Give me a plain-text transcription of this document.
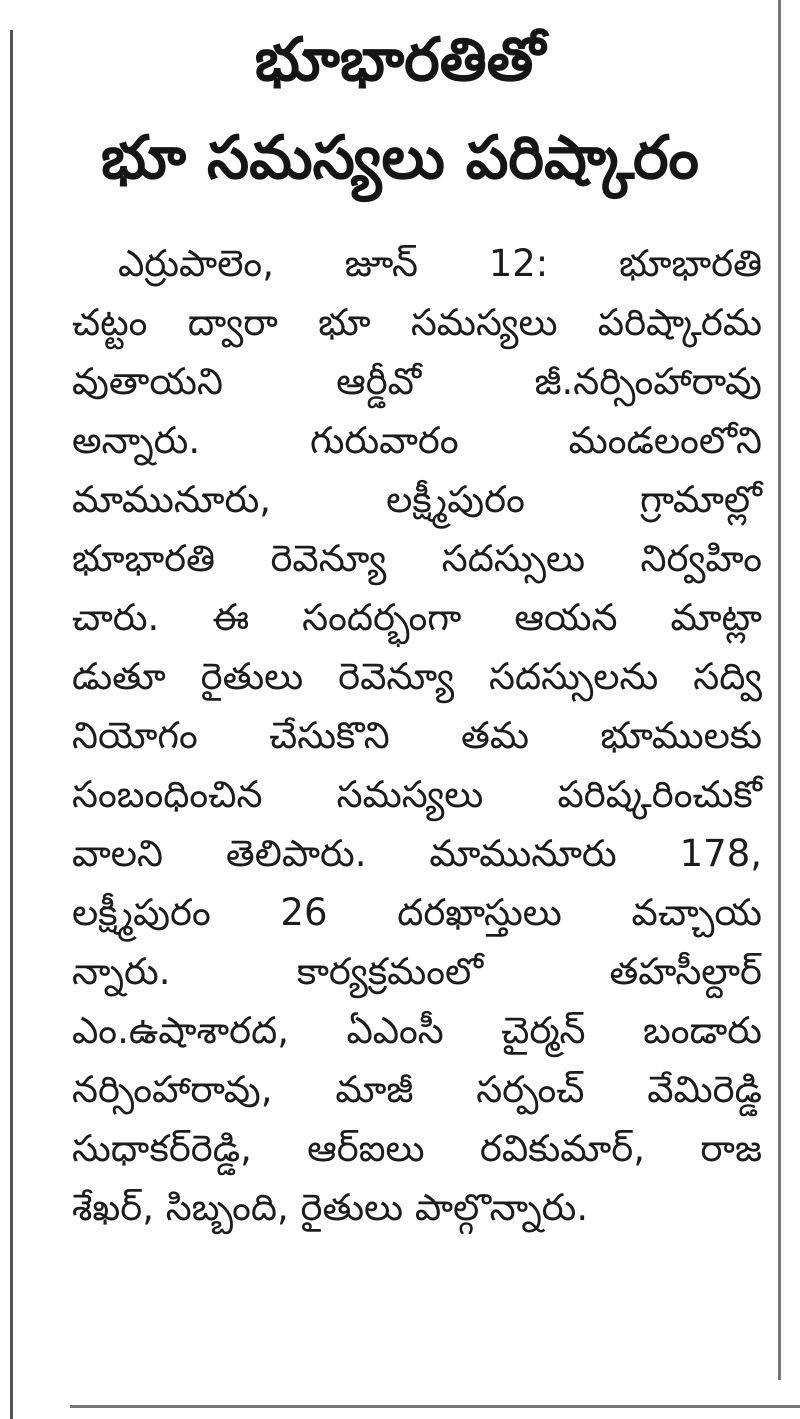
భూభారతితో
భూ సమస్యలు పరిష్కారం
ఎర్రుపాలెం, జూన్ 12: భూభారతి
చట్టం ద్వారా భూ సమస్యలు పరిష్కారమ
వుతాయని ఆర్డీవో జీ.నర్సింహారావు
అన్నారు. గురువారం మండలంలోని
మామునూరు, లక్ష్మీపురం గ్రామాల్లో
భూభారతి రెవెన్యూ సదస్సులు నిర్వహిం
చారు. ఈ సందర్భంగా ఆయన మాట్లా
డుతూ రైతులు రెవెన్యూ సదస్సులను సద్వి
నియోగం చేసుకొని తమ భూములకు
సంబంధించిన సమస్యలు పరిష్కరించుకో
వాలని తెలిపారు. మామునూరు 178,
లక్ష్మీపురం 26 దరఖాస్తులు వచ్చాయ
న్నారు. కార్యక్రమంలో తహసీల్దార్
ఎం.ఉషాశారద, ఏఎంసీ చైర్మన్ బండారు
నర్సింహారావు, మాజీ సర్పంచ్ వేమిరెడ్డి
సుధాకర్‌రెడ్డి, ఆర్‌ఐలు రవికుమార్, రాజ
శేఖర్, సిబ్బంది, రైతులు పాల్గొన్నారు.
